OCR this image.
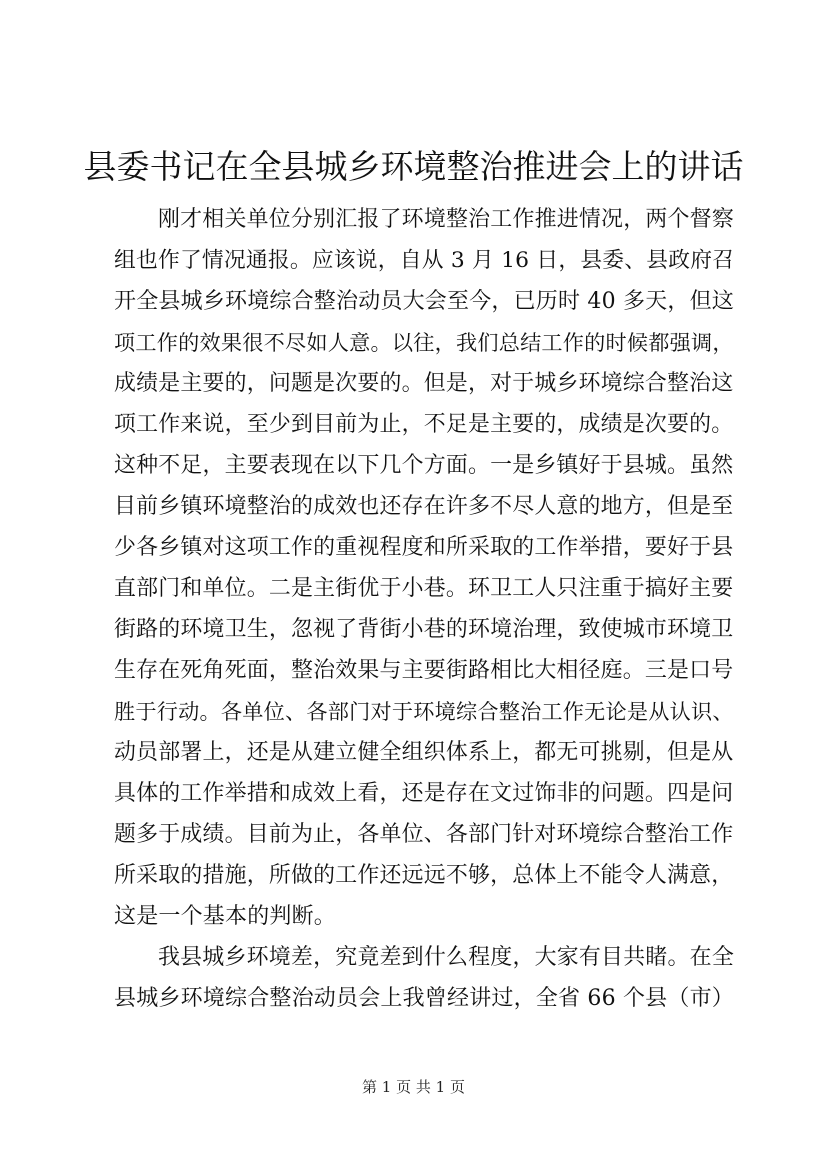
县委书记在全县城乡环境整治推进会上的讲话
刚才相关单位分别汇报了环境整治工作推进情况，两个督察
组也作了情况通报。应该说，自从 3 月 16 日，县委、县政府召
开全县城乡环境综合整治动员大会至今，已历时 40 多天，但这
项工作的效果很不尽如人意。以往，我们总结工作的时候都强调，
成绩是主要的，问题是次要的。但是，对于城乡环境综合整治这
项工作来说，至少到目前为止，不足是主要的，成绩是次要的。
这种不足，主要表现在以下几个方面。一是乡镇好于县城。虽然
目前乡镇环境整治的成效也还存在许多不尽人意的地方，但是至
少各乡镇对这项工作的重视程度和所采取的工作举措，要好于县
直部门和单位。二是主街优于小巷。环卫工人只注重于搞好主要
街路的环境卫生，忽视了背街小巷的环境治理，致使城市环境卫
生存在死角死面，整治效果与主要街路相比大相径庭。三是口号
胜于行动。各单位、各部门对于环境综合整治工作无论是从认识、
动员部署上，还是从建立健全组织体系上，都无可挑剔，但是从
具体的工作举措和成效上看，还是存在文过饰非的问题。四是问
题多于成绩。目前为止，各单位、各部门针对环境综合整治工作
所采取的措施，所做的工作还远远不够，总体上不能令人满意，
这是一个基本的判断。
我县城乡环境差，究竟差到什么程度，大家有目共睹。在全
县城乡环境综合整治动员会上我曾经讲过，全省 66 个县（市）
第 1 页 共 1 页
